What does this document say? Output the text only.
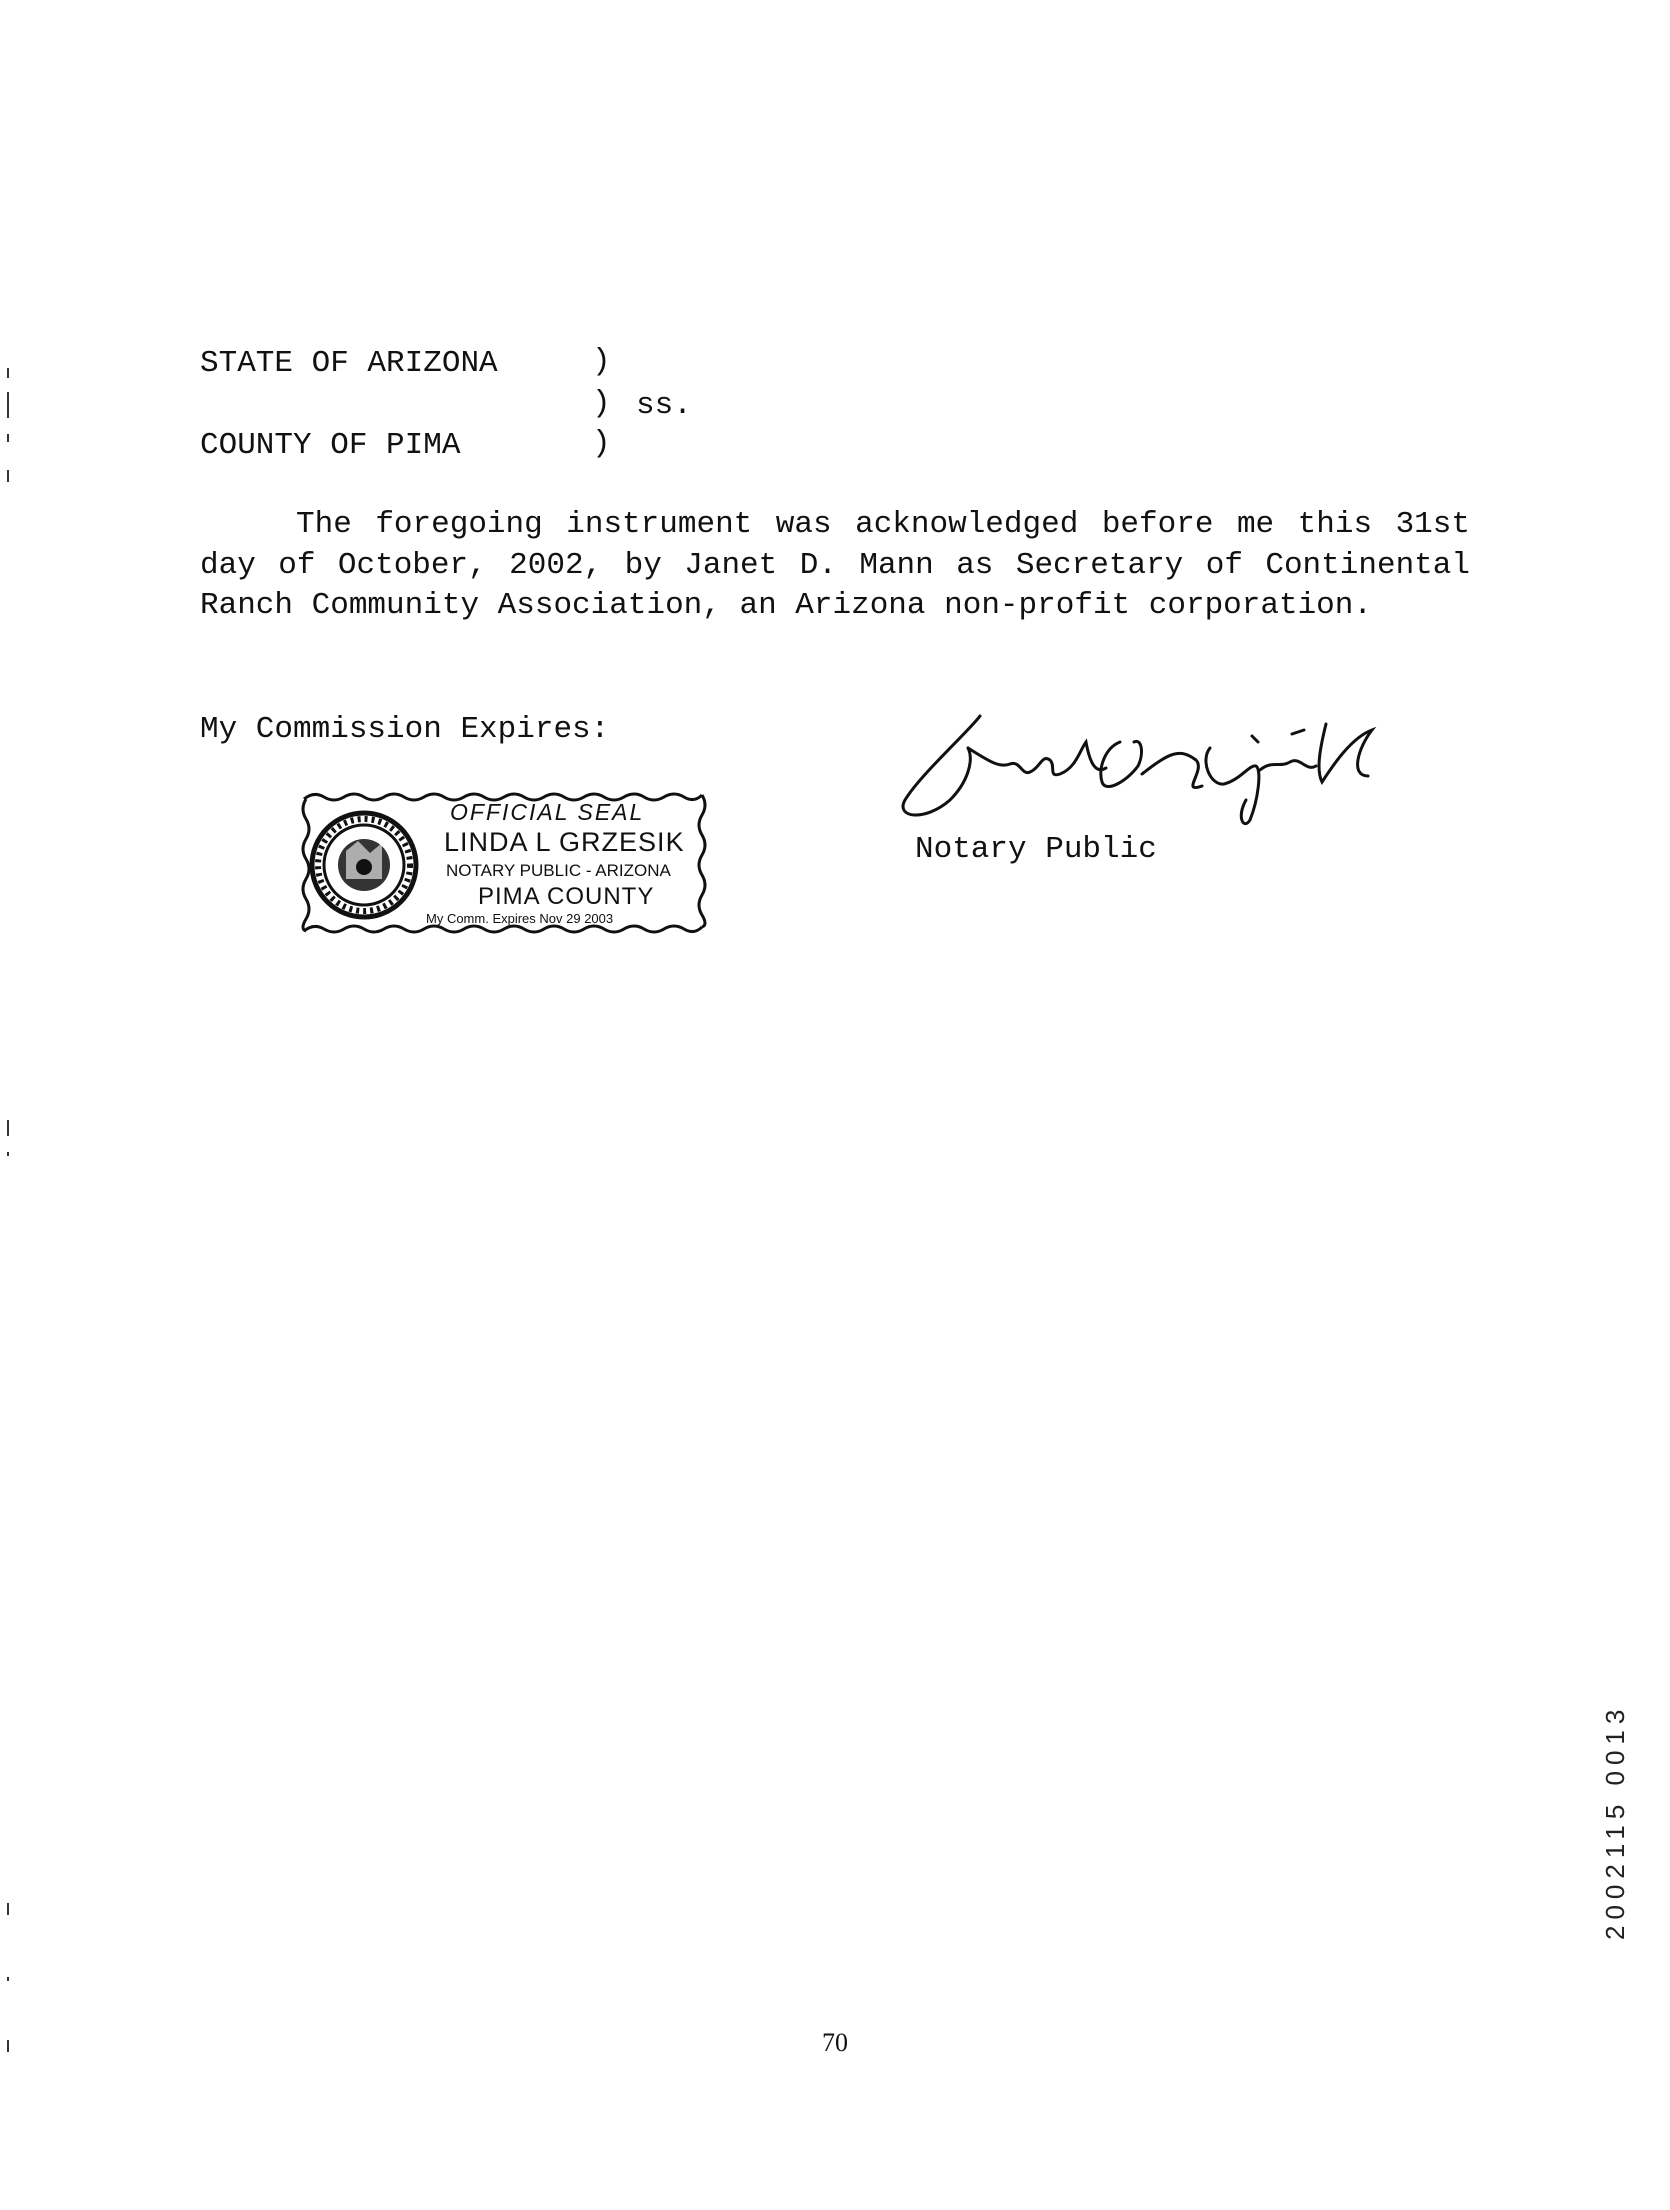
STATE OF ARIZONA	)
) ss.
COUNTY OF PIMA	)

The foregoing instrument was acknowledged before me this 31st day of October, 2002, by Janet D. Mann as Secretary of Continental Ranch Community Association, an Arizona non-profit corporation.

My Commission Expires:
OFFICIAL SEAL
LINDA L GRZESIK
NOTARY PUBLIC - ARIZONA
PIMA COUNTY
My Comm. Expires Nov 29 2003
Notary Public
2002115 0013
70
